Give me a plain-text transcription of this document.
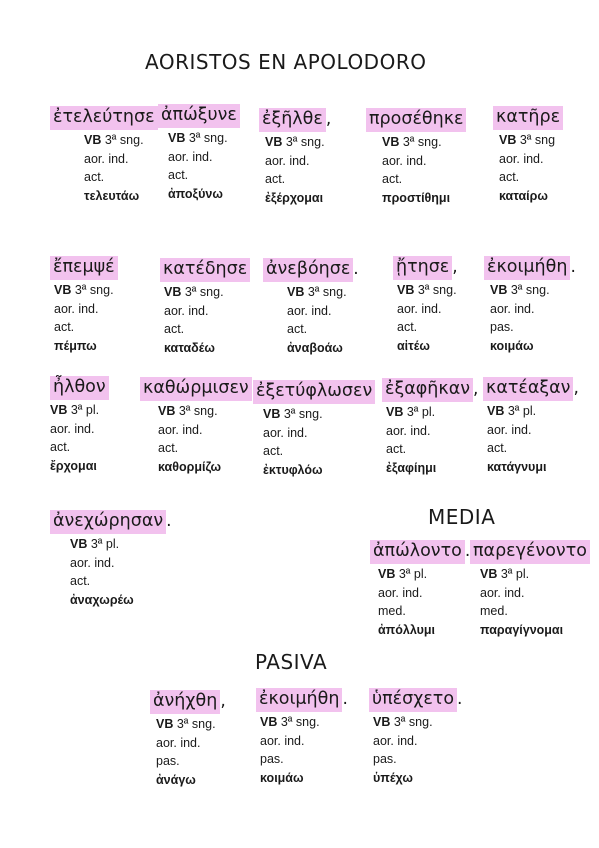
AORISTOS EN APOLODORO
MEDIA
PASIVA
ἐτελεύτησε
VB 3ª sng.
aor. ind.
act.
τελευτάω
ἀπώξυνε
VB 3ª sng.
aor. ind.
act.
ἀποξύνω
ἐξῆλθε ,
VB 3ª sng.
aor. ind.
act.
ἐξέρχομαι
προσέθηκε
VB 3ª sng.
aor. ind.
act.
προστίθημι
κατῆρε
VB 3ª sng
aor. ind.
act.
καταίρω
ἔπεμψέ
VB 3ª sng.
aor. ind.
act.
πέμπω
κατέδησε
VB 3ª sng.
aor. ind.
act.
καταδέω
ἀνεβόησε .
VB 3ª sng.
aor. ind.
act.
ἀναβοάω
ᾔτησε ,
VB 3ª sng.
aor. ind.
act.
αἰτέω
ἐκοιμήθη .
VB 3ª sng.
aor. ind.
pas.
κοιμάω
ἦλθον
VB 3ª pl.
aor. ind.
act.
ἔρχομαι
καθώρμισεν
VB 3ª sng.
aor. ind.
act.
καθορμίζω
ἐξετύφλωσεν
VB 3ª sng.
aor. ind.
act.
ἐκτυφλόω
ἐξαφῆκαν ,
VB 3ª pl.
aor. ind.
act.
ἐξαφίημι
κατέαξαν ,
VB 3ª pl.
aor. ind.
act.
κατάγνυμι
ἀνεχώρησαν .
VB 3ª pl.
aor. ind.
act.
ἀναχωρέω
ἀπώλοντο .
VB 3ª pl.
aor. ind.
med.
ἀπόλλυμι
παρεγένοντο
VB 3ª pl.
aor. ind.
med.
παραγίγνομαι
ἀνήχθη ,
VB 3ª sng.
aor. ind.
pas.
ἀνάγω
ἐκοιμήθη .
VB 3ª sng.
aor. ind.
pas.
κοιμάω
ὑπέσχετο .
VB 3ª sng.
aor. ind.
pas.
ὑπέχω
